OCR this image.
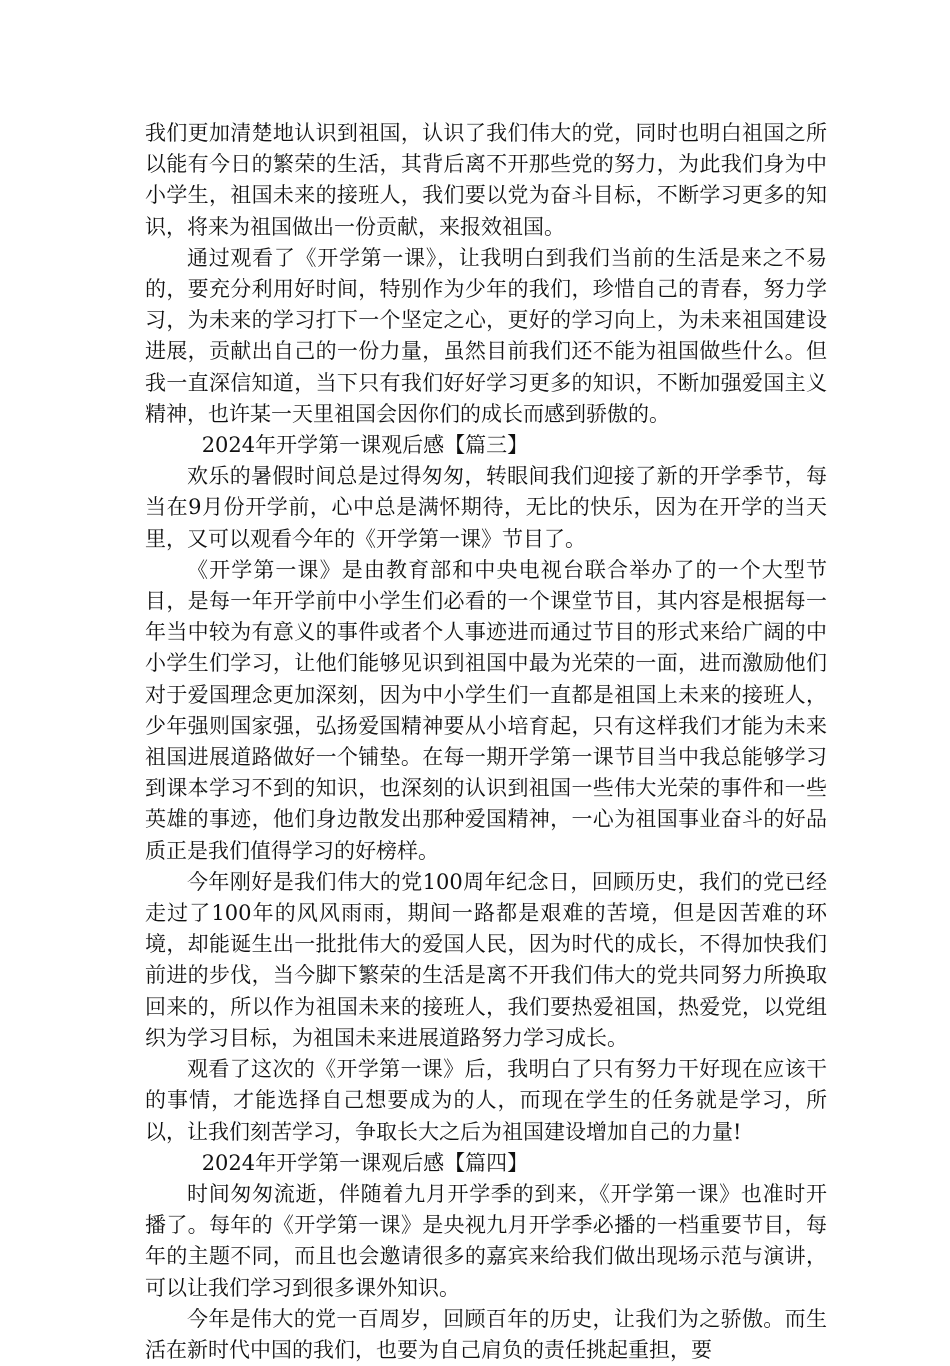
我们更加清楚地认识到祖国，认识了我们伟大的党，同时也明白祖国之所以能有今日的繁荣的生活，其背后离不开那些党的努力，为此我们身为中小学生，祖国未来的接班人，我们要以党为奋斗目标，不断学习更多的知识，将来为祖国做出一份贡献，来报效祖国。

通过观看了《开学第一课》，让我明白到我们当前的生活是来之不易的，要充分利用好时间，特别作为少年的我们，珍惜自己的青春，努力学习，为未来的学习打下一个坚定之心，更好的学习向上，为未来祖国建设进展，贡献出自己的一份力量，虽然目前我们还不能为祖国做些什么。但我一直深信知道，当下只有我们好好学习更多的知识，不断加强爱国主义精神，也许某一天里祖国会因你们的成长而感到骄傲的。

2024年开学第一课观后感【篇三】

欢乐的暑假时间总是过得匆匆，转眼间我们迎接了新的开学季节，每当在9月份开学前，心中总是满怀期待，无比的快乐，因为在开学的当天里，又可以观看今年的《开学第一课》节目了。

《开学第一课》是由教育部和中央电视台联合举办了的一个大型节目，是每一年开学前中小学生们必看的一个课堂节目，其内容是根据每一年当中较为有意义的事件或者个人事迹进而通过节目的形式来给广阔的中小学生们学习，让他们能够见识到祖国中最为光荣的一面，进而激励他们对于爱国理念更加深刻，因为中小学生们一直都是祖国上未来的接班人，少年强则国家强，弘扬爱国精神要从小培育起，只有这样我们才能为未来祖国进展道路做好一个铺垫。在每一期开学第一课节目当中我总能够学习到课本学习不到的知识，也深刻的认识到祖国一些伟大光荣的事件和一些英雄的事迹，他们身边散发出那种爱国精神，一心为祖国事业奋斗的好品质正是我们值得学习的好榜样。

今年刚好是我们伟大的党100周年纪念日，回顾历史，我们的党已经走过了100年的风风雨雨，期间一路都是艰难的苦境，但是因苦难的环境，却能诞生出一批批伟大的爱国人民，因为时代的成长，不得加快我们前进的步伐，当今脚下繁荣的生活是离不开我们伟大的党共同努力所换取回来的，所以作为祖国未来的接班人，我们要热爱祖国，热爱党，以党组织为学习目标，为祖国未来进展道路努力学习成长。

观看了这次的《开学第一课》后，我明白了只有努力干好现在应该干的事情，才能选择自己想要成为的人，而现在学生的任务就是学习，所以，让我们刻苦学习，争取长大之后为祖国建设增加自己的力量!

2024年开学第一课观后感【篇四】

时间匆匆流逝，伴随着九月开学季的到来，《开学第一课》也准时开播了。每年的《开学第一课》是央视九月开学季必播的一档重要节目，每年的主题不同，而且也会邀请很多的嘉宾来给我们做出现场示范与演讲，可以让我们学习到很多课外知识。

今年是伟大的党一百周岁，回顾百年的历史，让我们为之骄傲。而生活在新时代中国的我们，也要为自己肩负的责任挑起重担，要
